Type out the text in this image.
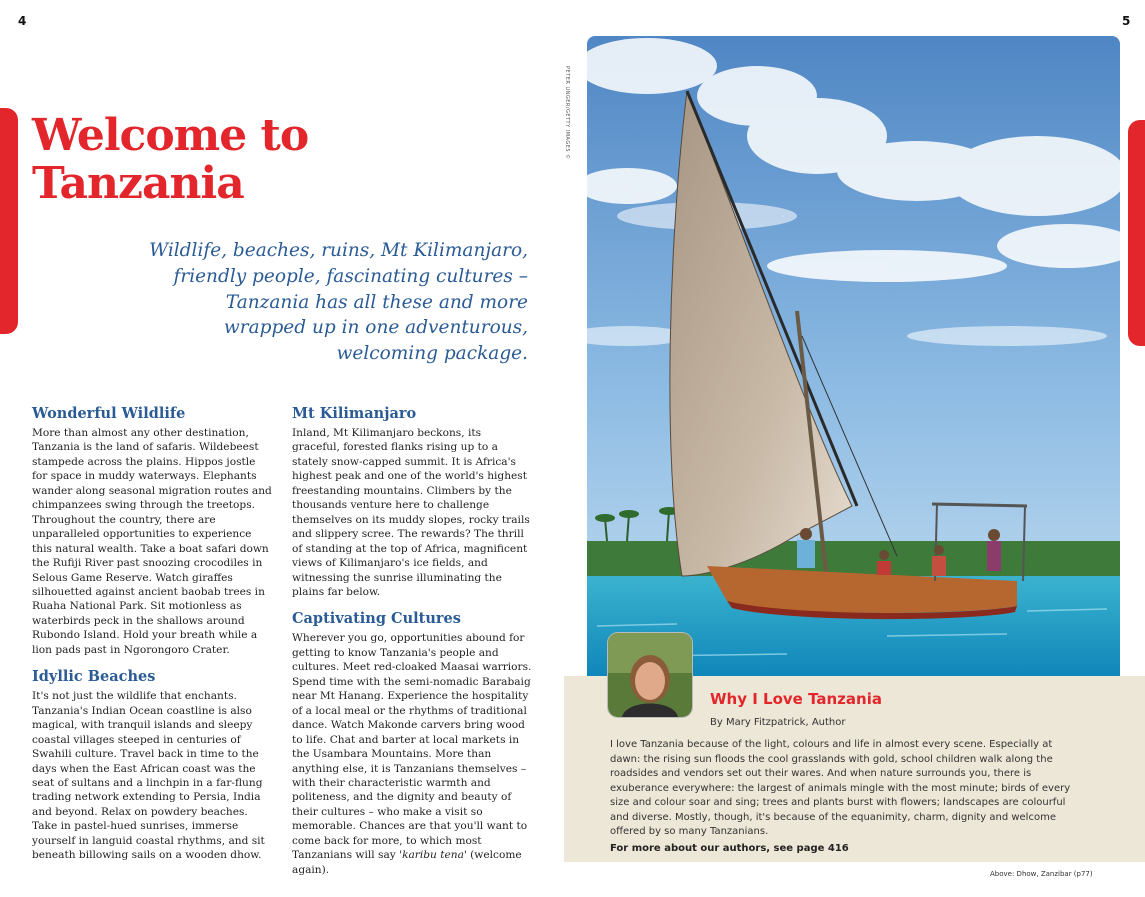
4	5
Welcome to
Tanzania

Wildlife, beaches, ruins, Mt Kilimanjaro,
friendly people, fascinating cultures –
Tanzania has all these and more
wrapped up in one adventurous,
welcoming package.

Wonderful Wildlife

More than almost any other destination, Tanzania is the land of safaris. Wildebeest stampede across the plains. Hippos jostle for space in muddy waterways. Elephants wander along seasonal migration routes and chimpanzees swing through the treetops. Throughout the country, there are unparalleled opportunities to experience this natural wealth. Take a boat safari down the Rufiji River past snoozing crocodiles in Selous Game Reserve. Watch giraffes silhouetted against ancient baobab trees in Ruaha National Park. Sit motionless as waterbirds peck in the shallows around Rubondo Island. Hold your breath while a lion pads past in Ngorongoro Crater.

Idyllic Beaches

It's not just the wildlife that enchants. Tanzania's Indian Ocean coastline is also magical, with tranquil islands and sleepy coastal villages steeped in centuries of Swahili culture. Travel back in time to the days when the East African coast was the seat of sultans and a linchpin in a far-flung trading network extending to Persia, India and beyond. Relax on powdery beaches. Take in pastel-hued sunrises, immerse yourself in languid coastal rhythms, and sit beneath billowing sails on a wooden dhow.

Mt Kilimanjaro

Inland, Mt Kilimanjaro beckons, its graceful, forested flanks rising up to a stately snow-capped summit. It is Africa's highest peak and one of the world's highest freestanding mountains. Climbers by the thousands venture here to challenge themselves on its muddy slopes, rocky trails and slippery scree. The rewards? The thrill of standing at the top of Africa, magnificent views of Kilimanjaro's ice fields, and witnessing the sunrise illuminating the plains far below.

Captivating Cultures

Wherever you go, opportunities abound for getting to know Tanzania's people and cultures. Meet red-cloaked Maasai warriors. Spend time with the semi-nomadic Barabaig near Mt Hanang. Experience the hospitality of a local meal or the rhythms of traditional dance. Watch Makonde carvers bring wood to life. Chat and barter at local markets in the Usambara Mountains. More than anything else, it is Tanzanians themselves – with their characteristic warmth and politeness, and the dignity and beauty of their cultures – who make a visit so memorable. Chances are that you'll want to come back for more, to which most Tanzanians will say 'karibu tena' (welcome again).

PETER UNGER/GETTY IMAGES ©
Why I Love Tanzania
By Mary Fitzpatrick, Author

I love Tanzania because of the light, colours and life in almost every scene. Especially at dawn: the rising sun floods the cool grasslands with gold, school children walk along the roadsides and vendors set out their wares. And when nature surrounds you, there is exuberance everywhere: the largest of animals mingle with the most minute; birds of every size and colour soar and sing; trees and plants burst with flowers; landscapes are colourful and diverse. Mostly, though, it's because of the equanimity, charm, dignity and welcome offered by so many Tanzanians.

For more about our authors, see page 416
Above: Dhow, Zanzibar (p77)
